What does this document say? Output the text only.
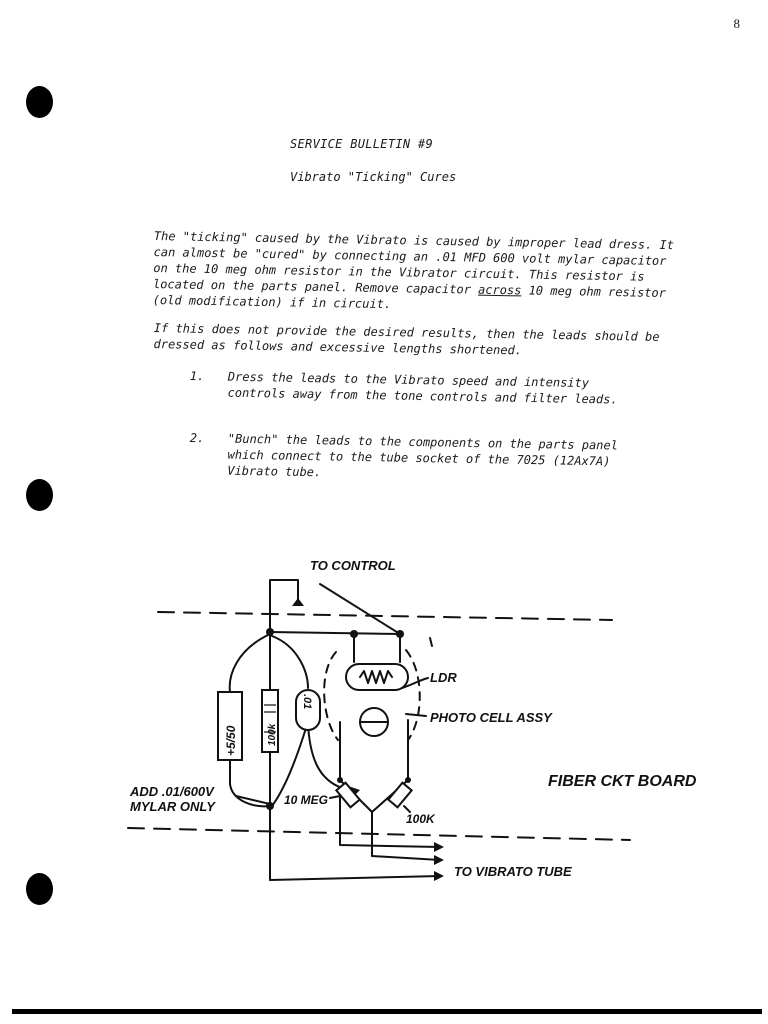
8
SERVICE BULLETIN #9
Vibrato "Ticking" Cures

The "ticking" caused by the Vibrato is caused by improper lead dress. It can almost be "cured" by connecting an .01 MFD 600 volt mylar capacitor on the 10 meg ohm resistor in the Vibrator circuit. This resistor is located on the parts panel. Remove capacitor across 10 meg ohm resistor (old modification) if in circuit.

If this does not provide the desired results, then the leads should be dressed as follows and excessive lengths shortened.

1.	Dress the leads to the Vibrato speed and intensity controls away from the tone controls and filter leads.
2.	"Bunch" the leads to the components on the parts panel which connect to the tube socket of the 7025 (12Ax7A) Vibrato tube.
+5/50	100k
.01
TO CONTROL
LDR
PHOTO CELL ASSY
FIBER CKT BOARD
ADD .01/600V
MYLAR ONLY	10 MEG
100K
TO VIBRATO TUBE
